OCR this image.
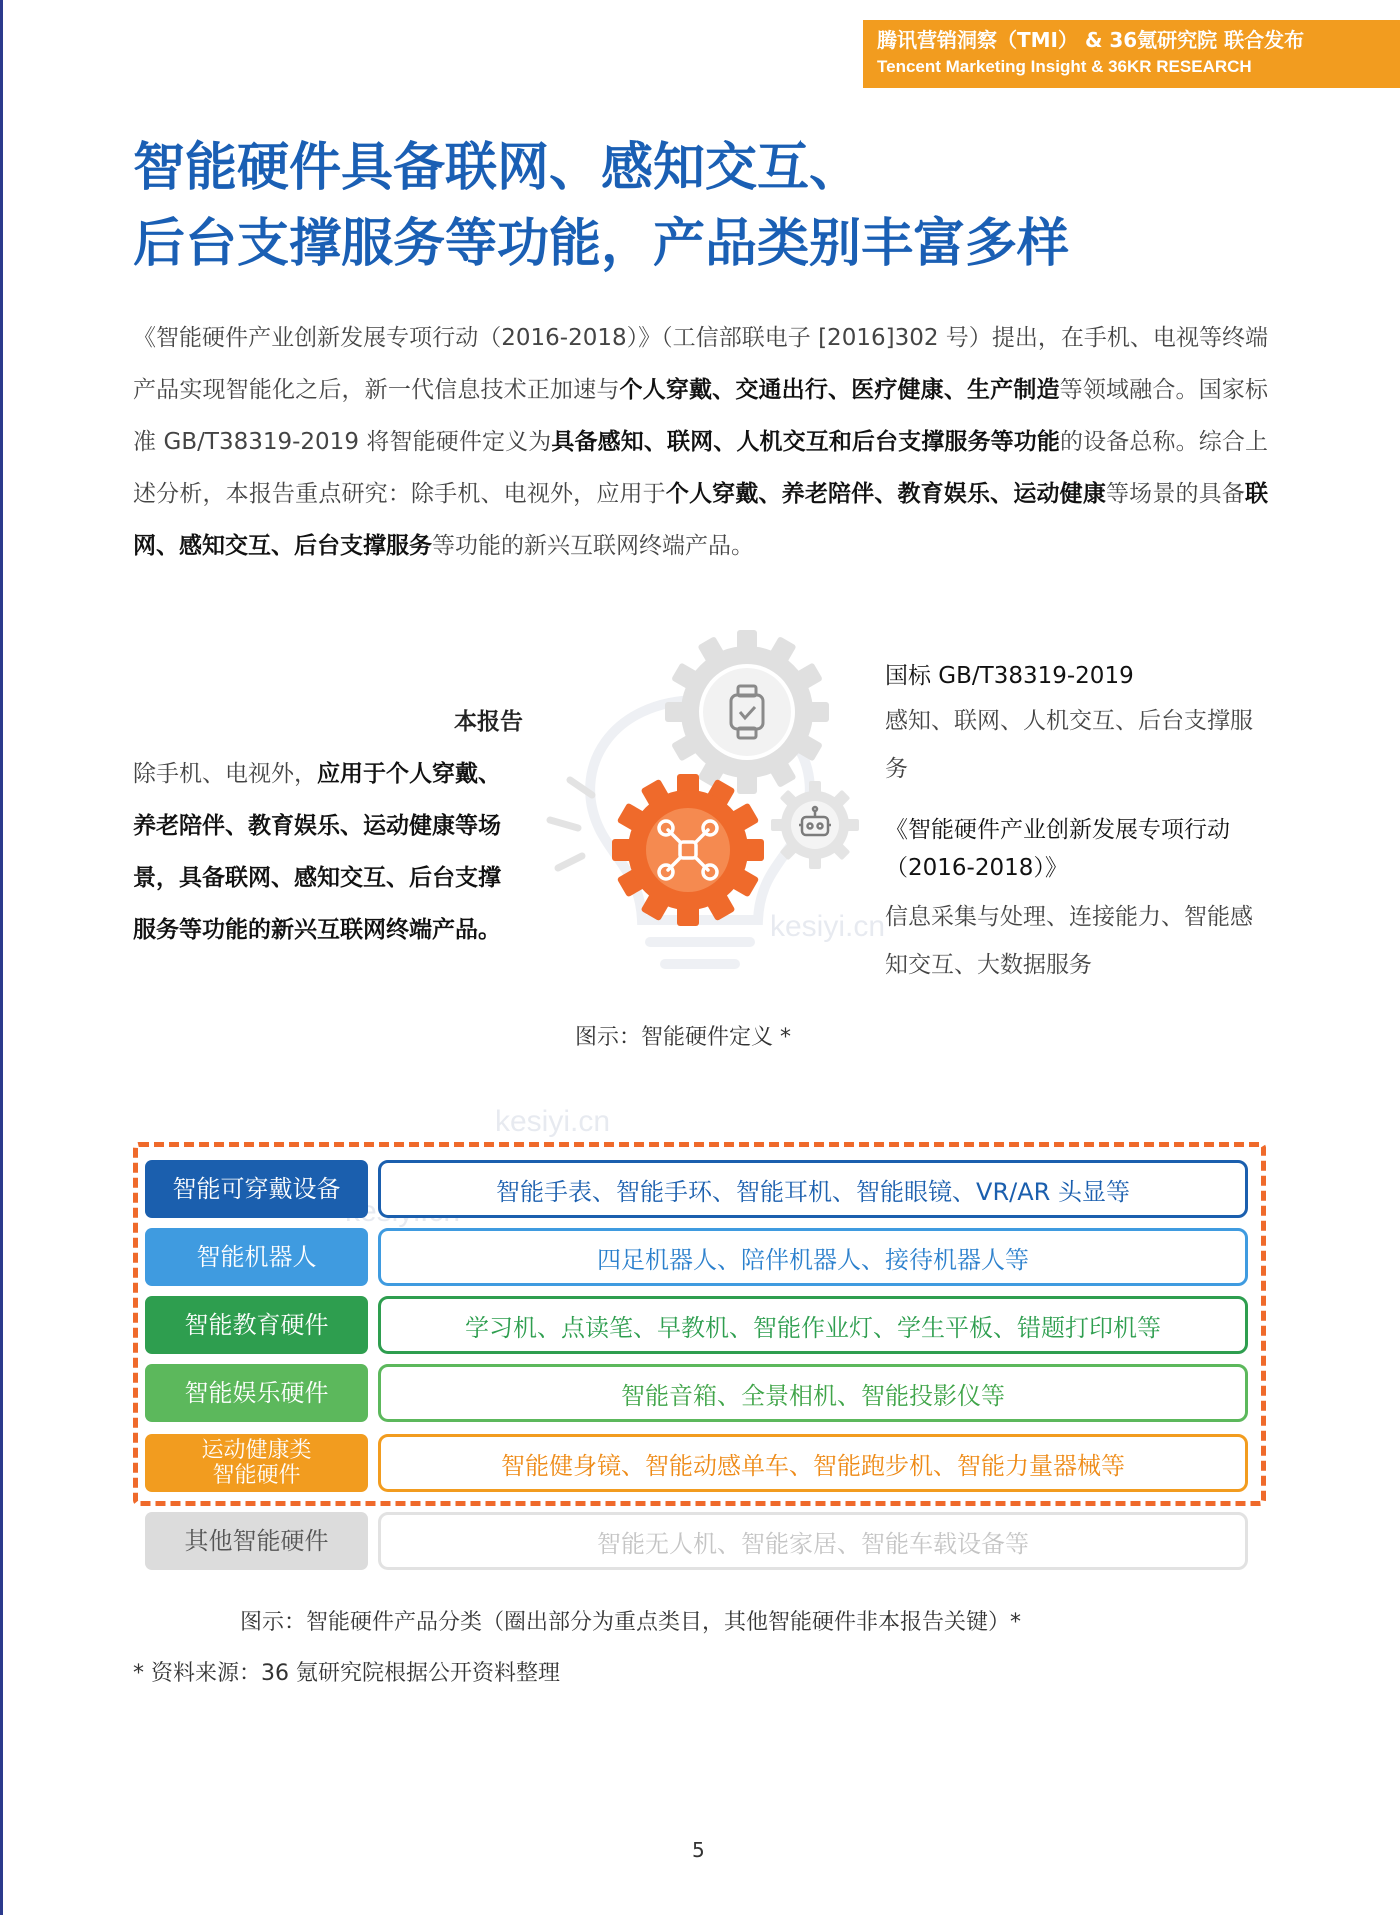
腾讯营销洞察（TMI） & 36氪研究院 联合发布
Tencent Marketing Insight & 36KR RESEARCH
智能硬件具备联网、感知交互、
后台支撑服务等功能，产品类别丰富多样

《智能硬件产业创新发展专项行动（2016-2018）》（工信部联电子 [2016]302 号）提出，在手机、电视等终端产品实现智能化之后，新一代信息技术正加速与个人穿戴、交通出行、医疗健康、生产制造等领域融合。国家标准 GB/T38319-2019 将智能硬件定义为具备感知、联网、人机交互和后台支撑服务等功能的设备总称。综合上述分析，本报告重点研究：除手机、电视外，应用于个人穿戴、养老陪伴、教育娱乐、运动健康等场景的具备联网、感知交互、后台支撑服务等功能的新兴互联网终端产品。

kesiyi.cn
kesiyi.cn
本报告
除手机、电视外，应用于个人穿戴、养老陪伴、教育娱乐、运动健康等场景，具备联网、感知交互、后台支撑服务等功能的新兴互联网终端产品。
国标 GB/T38319-2019

感知、联网、人机交互、后台支撑服务

《智能硬件产业创新发展专项行动（2016-2018）》

信息采集与处理、连接能力、智能感知交互、大数据服务

图示：智能硬件定义 *
智能可穿戴设备	智能手表、智能手环、智能耳机、智能眼镜、VR/AR 头显等
智能机器人	四足机器人、陪伴机器人、接待机器人等
智能教育硬件	学习机、点读笔、早教机、智能作业灯、学生平板、错题打印机等
智能娱乐硬件	智能音箱、全景相机、智能投影仪等
运动健康类
智能硬件	智能健身镜、智能动感单车、智能跑步机、智能力量器械等
其他智能硬件	智能无人机、智能家居、智能车载设备等
图示：智能硬件产品分类（圈出部分为重点类目，其他智能硬件非本报告关键）*
* 资料来源：36 氪研究院根据公开资料整理
5
